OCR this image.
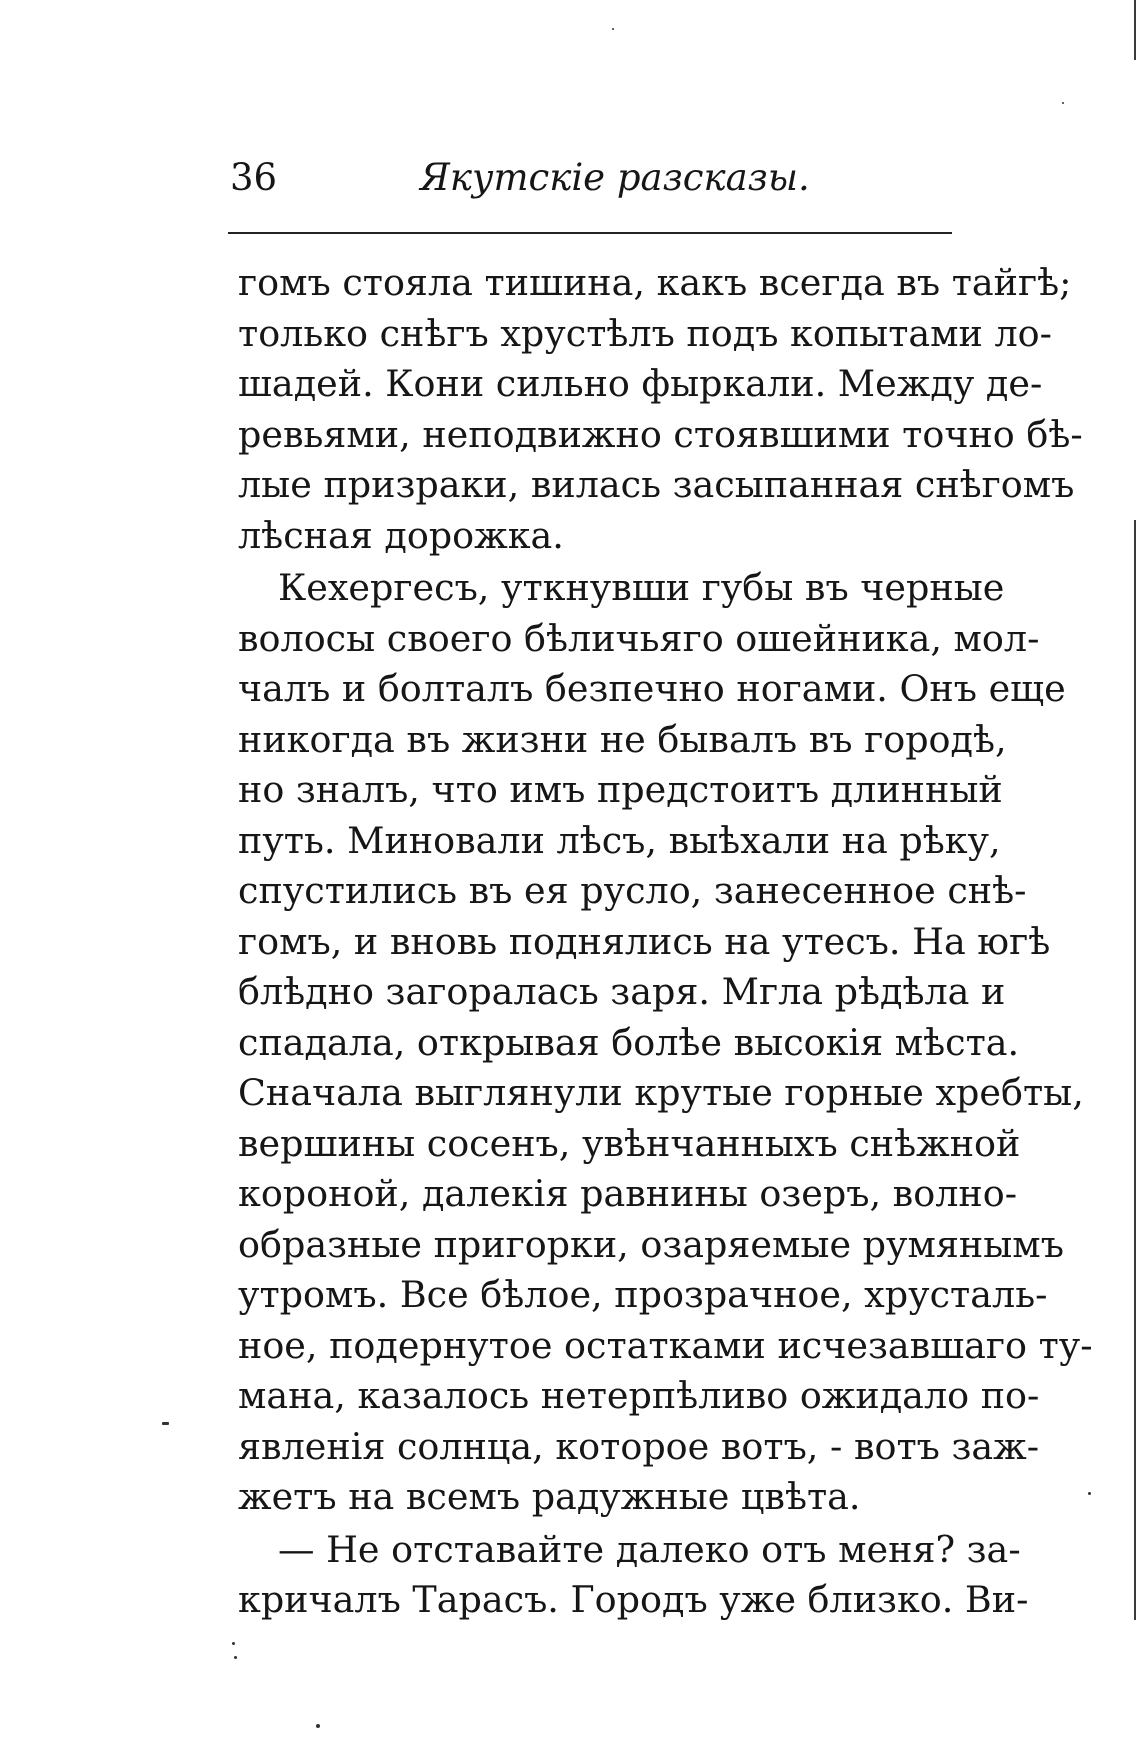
36	Якутскіе разсказы.
гомъ стояла тишина, какъ всегда въ тайгѣ;
только снѣгъ хрустѣлъ подъ копытами ло-
шадей. Кони сильно фыркали. Между де-
ревьями, неподвижно стоявшими точно бѣ-
лые призраки, вилась засыпанная снѣгомъ
лѣсная дорожка.
Кехергесъ, уткнувши губы въ черные
волосы своего бѣличьяго ошейника, мол-
чалъ и болталъ безпечно ногами. Онъ еще
никогда въ жизни не бывалъ въ городѣ,
но зналъ, что имъ предстоитъ длинный
путь. Миновали лѣсъ, выѣхали на рѣку,
спустились въ ея русло, занесенное снѣ-
гомъ, и вновь поднялись на утесъ. На югѣ
блѣдно загоралась заря. Мгла рѣдѣла и
спадала, открывая болѣе высокія мѣста.
Сначала выглянули крутые горные хребты,
вершины сосенъ, увѣнчанныхъ снѣжной
короной, далекія равнины озеръ, волно-
образные пригорки, озаряемые румянымъ
утромъ. Все бѣлое, прозрачное, хрусталь-
ное, подернутое остатками исчезавшаго ту-
мана, казалось нетерпѣливо ожидало по-
явленія солнца, которое вотъ, - вотъ заж-
жетъ на всемъ радужные цвѣта.
— Не отставайте далеко отъ меня? за-
кричалъ Тарасъ. Городъ уже близко. Ви-
